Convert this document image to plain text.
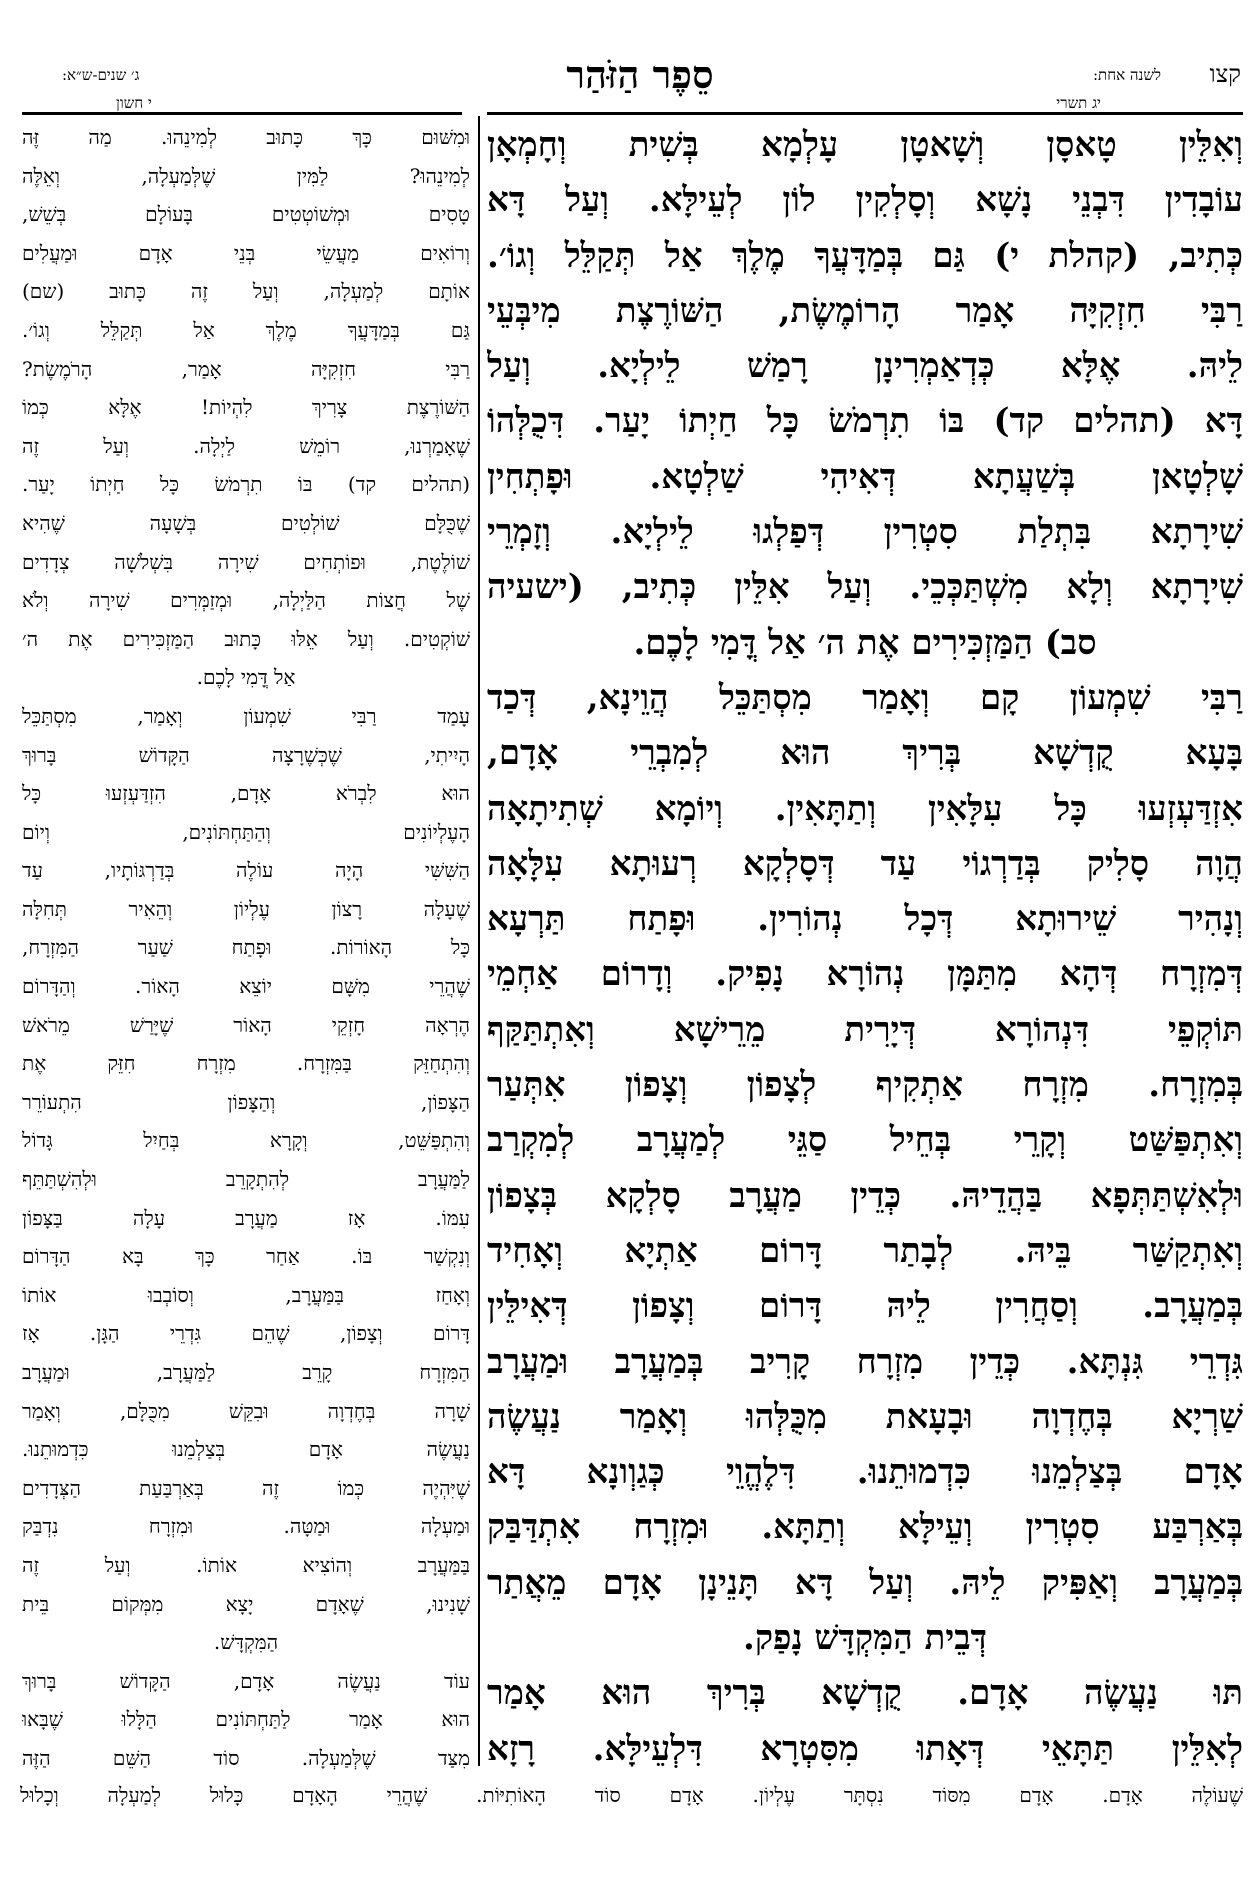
קצו
לשנה אחת:
יג תשרי
סֵפֶר הַזֹּהַר
ג׳ שנים-ש״א:
י חשון

וְאִלֵּין טָאסָן וְשָׁאטָן עָלְמָא בְּשִׁית וְחָמְאָן

עוֹבָדִין דִּבְנֵי נָשָׁא וְסָלְקִין לוֹן לְעֵילָּא. וְעַל דָּא

כְּתִיב, (קהלת י) גַּם בְּמַדָּעֲךָ מֶלֶךְ אַל תְּקַלֵּל וְגוֹ׳.

רַבִּי חִזְקִיָּה אָמַר הָרוֹמֶשֶׂת, הַשּׁוֹרֶצֶת מִיבְּעֵי

לֵיהּ. אֶלָּא כְּדְאַמְרִינָן רָמַשׁ לֵילְיָא. וְעַל

דָּא (תהלים קד) בּוֹ תִרְמֹשׂ כָּל חַיְתוֹ יָעַר. דִּכֻלְּהוֹ

שָׁלְטָאן בְּשַׁעֲתָא דְּאִיהִי שַׁלְטָא. וּפָתְחִין

שִׁירָתָא בִּתְלַת סִטְרִין דְּפַלְגוּ לֵילְיָא. וְזָמְרֵי

שִׁירָתָא וְלָא מִשְׁתַּכְּכֵי. וְעַל אִלֵּין כְּתִיב, (ישעיה

סב) הַמַּזְכִּירִים אֶת ה׳ אַל דֳּמִי לָכֶם.

רַבִּי שִׁמְעוֹן קָם וְאָמַר מִסְתַּכֵּל הֲוֵינָא, דְּכַד

בָּעָא קֻדְשָׁא בְּרִיךְ הוּא לְמִבְרֵי אָדָם,

אִזְדַּעְזְעוּ כָּל עִלָּאִין וְתַתָּאִין. וְיוֹמָא שְׁתִיתָאָה

הֲוָה סָלִיק בְּדַרְגוֹי עַד דְּסָלְקָא רְעוּתָא עִלָּאָה

וְנָהִיר שֵׁירוּתָא דְּכָל נְהוֹרִין. וּפָתַח תַּרְעָא

דְּמִזְרָח דְּהָא מִתַּמָּן נְהוֹרָא נָפִיק. וְדָרוֹם אַחְמֵי

תּוֹקְפֵי דִּנְהוֹרָא דְּיָרִית מֵרֵישָׁא וְאִתְתַּקַּף

בְּמִזְרָח. מִזְרָח אַתְקִיף לְצָפוֹן וְצָפוֹן אִתְּעַר

וְאִתְפַּשַּׁט וְקָרֵי בְּחֵיל סַגֵּי לְמַעֲרָב לְמִקְרַב

וּלְאִשְׁתַּתְּפָא בַּהֲדֵיהּ. כְּדֵין מַעֲרָב סָלְקָא בְּצָפוֹן

וְאִתְקַשַּׁר בֵּיהּ. לְבָתַר דָּרוֹם אַתְיָא וְאָחִיד

בְּמַעֲרָב. וְסַחֲרִין לֵיהּ דָּרוֹם וְצָפוֹן דְּאִילֵּין

גִּדְרֵי גִּנְתָּא. כְּדֵין מִזְרָח קָרִיב בְּמַעֲרָב וּמַעֲרָב

שַׁרְיָא בְּחֶדְוָה וּבָעָאת מִכֻּלְּהוּ וְאָמַר נַעֲשֶׂה

אָדָם בְּצַלְמֵנוּ כִּדְמוּתֵנוּ. דִּלֶהֱוֵי כְּגַוְונָא דָּא

בְּאַרְבַּע סִטְרִין וְעֵילָּא וְתַתָּא. וּמִזְרָח אִתְדַּבַּק

בְּמַעֲרָב וְאַפִּיק לֵיהּ. וְעַל דָּא תָּנֵינָן אָדָם מֵאֲתַר

דְּבֵית הַמִּקְדָּשׁ נָפַק.

תּוּ נַעֲשֶׂה אָדָם. קֻדְשָׁא בְּרִיךְ הוּא אָמַר

לְאִלֵּין תַּתָּאֵי דְּאָתוּ מִסִּטְרָא דִּלְעֵילָּא. רָזָא

וּמִשּׁוּם כָּךְ כָּתוּב לְמִינֵהוּ. מַה זֶּה

לְמִינֵהוּ? לַמִּין שֶׁלְּמַעְלָה, וְאֵלֶּה

טָסִים וּמְשׁוֹטְטִים בָּעוֹלָם בְּשֵׁשׁ,

וְרוֹאִים מַעֲשֵׂי בְּנֵי אָדָם וּמַעֲלִים

אוֹתָם לְמַעְלָה, וְעַל זֶה כָּתוּב (שם)

גַּם בְּמַדָּעֲךָ מֶלֶךְ אַל תְּקַלֵּל וְגוֹ׳.

רַבִּי חִזְקִיָּה אָמַר, הָרֹמֶשֶׂת?

הַשּׁוֹרֶצֶת צָרִיךְ לִהְיוֹת! אֶלָּא כְּמוֹ

שֶׁאָמַרְנוּ, רוֹמֵשׁ לַיְלָה. וְעַל זֶה

(תהלים קד) בּוֹ תִרְמֹשׂ כָּל חַיְתוֹ יָעַר.

שֶׁכֻּלָּם שׁוֹלְטִים בְּשָׁעָה שֶׁהִיא

שׁוֹלֶטֶת, וּפוֹתְחִים שִׁירָה בִּשְׁלֹשָׁה צְדָדִים

שֶׁל חֲצוֹת הַלַּיְלָה, וּמְזַמְּרִים שִׁירָה וְלֹא

שׁוֹקְטִים. וְעַל אֵלּוּ כָּתוּב הַמַּזְכִּירִים אֶת ה׳

אַל דֳּמִי לָכֶם.

עָמַד רַבִּי שִׁמְעוֹן וְאָמַר, מִסְתַּכֵּל

הָיִיתִי, שֶׁכְּשֶׁרָצָה הַקָּדוֹשׁ בָּרוּךְ

הוּא לִבְרֹא אָדָם, הִזְדַּעְזְעוּ כָּל

הָעֶלְיוֹנִים וְהַתַּחְתּוֹנִים, וְיוֹם

הַשִּׁשִּׁי הָיָה עוֹלֶה בְּדַרְגּוֹתָיו, עַד

שֶׁעָלָה רָצוֹן עֶלְיוֹן וְהֵאִיר תְּחִלָּה

כָּל הָאוֹרוֹת. וּפָתַח שַׁעַר הַמִּזְרָח,

שֶׁהֲרֵי מִשָּׁם יוֹצֵא הָאוֹר. וְהַדָּרוֹם

הֶרְאָה חָזְקֵי הָאוֹר שֶׁיָּרַשׁ מֵרֹאשׁ

וְהִתְחַזֵּק בַּמִּזְרָח. מִזְרָח חִזֵּק אֶת

הַצָּפוֹן, וְהַצָּפוֹן הִתְעוֹרֵר

וְהִתְפַּשֵּׁט, וְקָרָא בְּחַיִל גָּדוֹל

לַמַּעֲרָב לְהִתְקָרֵב וּלְהִשְׁתַּתֵּף

עִמּוֹ. אָז מַעֲרָב עָלָה בַּצָּפוֹן

וְנִקְשַׁר בּוֹ. אַחַר כָּךְ בָּא הַדָּרוֹם

וְאָחַז בַּמַּעֲרָב, וְסוֹבְבוּ אוֹתוֹ

דָּרוֹם וְצָפוֹן, שֶׁהֵם גִּדְרֵי הַגָּן. אָז

הַמִּזְרָח קָרֵב לַמַּעֲרָב, וּמַעֲרָב

שָׁרָה בְּחֶדְוָה וּבִקֵּשׁ מִכֻּלָּם, וְאָמַר

נַעֲשֶׂה אָדָם בְּצַלְמֵנוּ כִּדְמוּתֵנוּ.

שֶׁיִּהְיֶה כְּמוֹ זֶה בְּאַרְבַּעַת הַצְּדָדִים

וּמַעְלָה וּמַטָּה. וּמִזְרָח נִדְבַּק

בַּמַּעֲרָב וְהוֹצִיא אוֹתוֹ. וְעַל זֶה

שָׁנִינוּ, שֶׁאָדָם יָצָא מִמְּקוֹם בֵּית

הַמִּקְדָּשׁ.

עוֹד נַעֲשֶׂה אָדָם, הַקָּדוֹשׁ בָּרוּךְ

הוּא אָמַר לַתַּחְתּוֹנִים הַלָּלוּ שֶׁבָּאוּ

מִצַּד שֶׁלְּמַעְלָה. סוֹד הַשֵּׁם הַזֶּה

שֶׁעוֹלֶה אָדָם. אָדָם מִסּוֹד נִסְתָּר עֶלְיוֹן. אָדָם סוֹד הָאוֹתִיּוֹת. שֶׁהֲרֵי הָאָדָם כָּלוּל לְמַעְלָה וְכָלוּל
